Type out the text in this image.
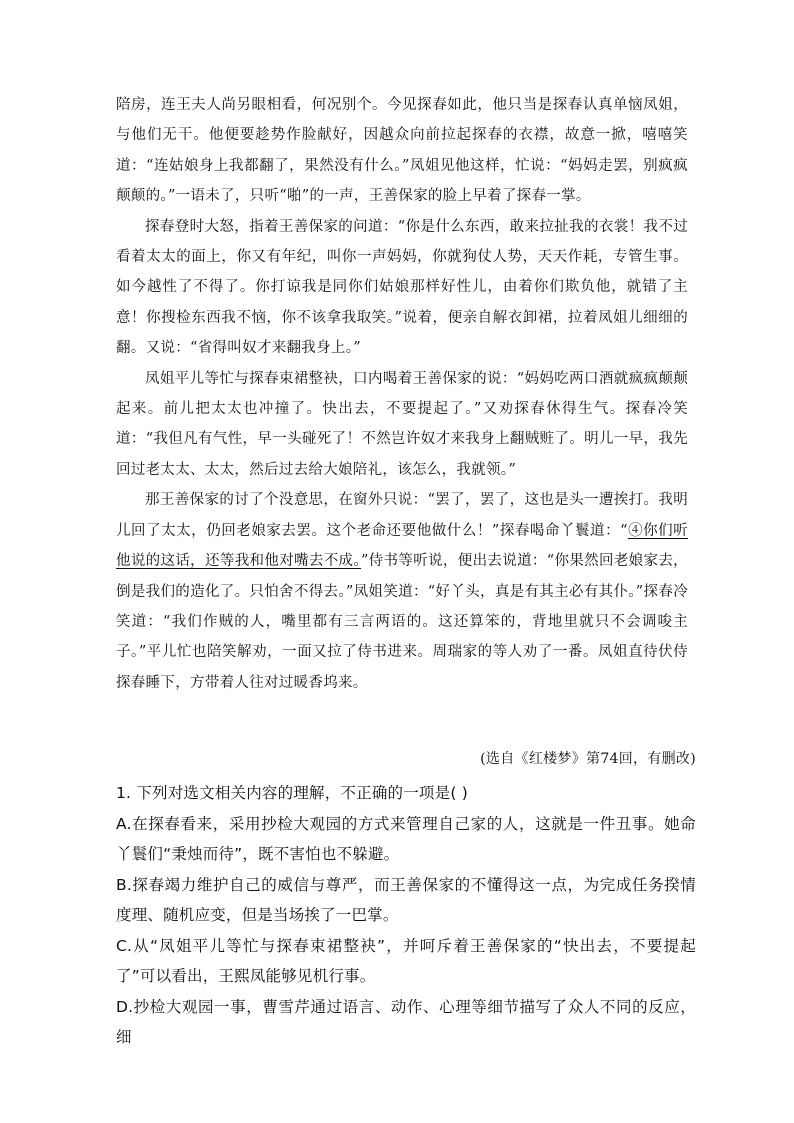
陪房，连王夫人尚另眼相看，何况别个。今见探春如此，他只当是探春认真单恼凤姐，与他们无干。他便要趁势作脸献好，因越众向前拉起探春的衣襟，故意一掀，嘻嘻笑道：“连姑娘身上我都翻了，果然没有什么。”凤姐见他这样，忙说：“妈妈走罢，别疯疯颠颠的。”一语未了，只听“啪”的一声，王善保家的脸上早着了探春一掌。

探春登时大怒，指着王善保家的问道：“你是什么东西，敢来拉扯我的衣裳！我不过看着太太的面上，你又有年纪，叫你一声妈妈，你就狗仗人势，天天作耗，专管生事。如今越性了不得了。你打谅我是同你们姑娘那样好性儿，由着你们欺负他，就错了主意！你搜检东西我不恼，你不该拿我取笑。”说着，便亲自解衣卸裙，拉着凤姐儿细细的翻。又说：“省得叫奴才来翻我身上。”

凤姐平儿等忙与探春束裙整袂，口内喝着王善保家的说：“妈妈吃两口酒就疯疯颠颠起来。前儿把太太也冲撞了。快出去，不要提起了。”又劝探春休得生气。探春冷笑道：“我但凡有气性，早一头碰死了！不然岂许奴才来我身上翻贼赃了。明儿一早，我先回过老太太、太太，然后过去给大娘陪礼，该怎么，我就领。”

那王善保家的讨了个没意思，在窗外只说：“罢了，罢了，这也是头一遭挨打。我明儿回了太太，仍回老娘家去罢。这个老命还要他做什么！”探春喝命丫鬟道：“④你们听他说的这话，还等我和他对嘴去不成。”侍书等听说，便出去说道：“你果然回老娘家去，倒是我们的造化了。只怕舍不得去。”凤姐笑道：“好丫头，真是有其主必有其仆。”探春冷笑道：“我们作贼的人，嘴里都有三言两语的。这还算笨的，背地里就只不会调唆主子。”平儿忙也陪笑解劝，一面又拉了侍书进来。周瑞家的等人劝了一番。凤姐直待伏侍探春睡下，方带着人往对过暖香坞来。

(选自《红楼梦》第74回，有删改)

1. 下列对选文相关内容的理解，不正确的一项是( )

A.在探春看来，采用抄检大观园的方式来管理自己家的人，这就是一件丑事。她命丫鬟们“秉烛而待”，既不害怕也不躲避。

B.探春竭力维护自己的威信与尊严，而王善保家的不懂得这一点，为完成任务揆情度理、随机应变，但是当场挨了一巴掌。

C.从“凤姐平儿等忙与探春束裙整袂”，并呵斥着王善保家的“快出去，不要提起了”可以看出，王熙凤能够见机行事。

D.抄检大观园一事，曹雪芹通过语言、动作、心理等细节描写了众人不同的反应，细
